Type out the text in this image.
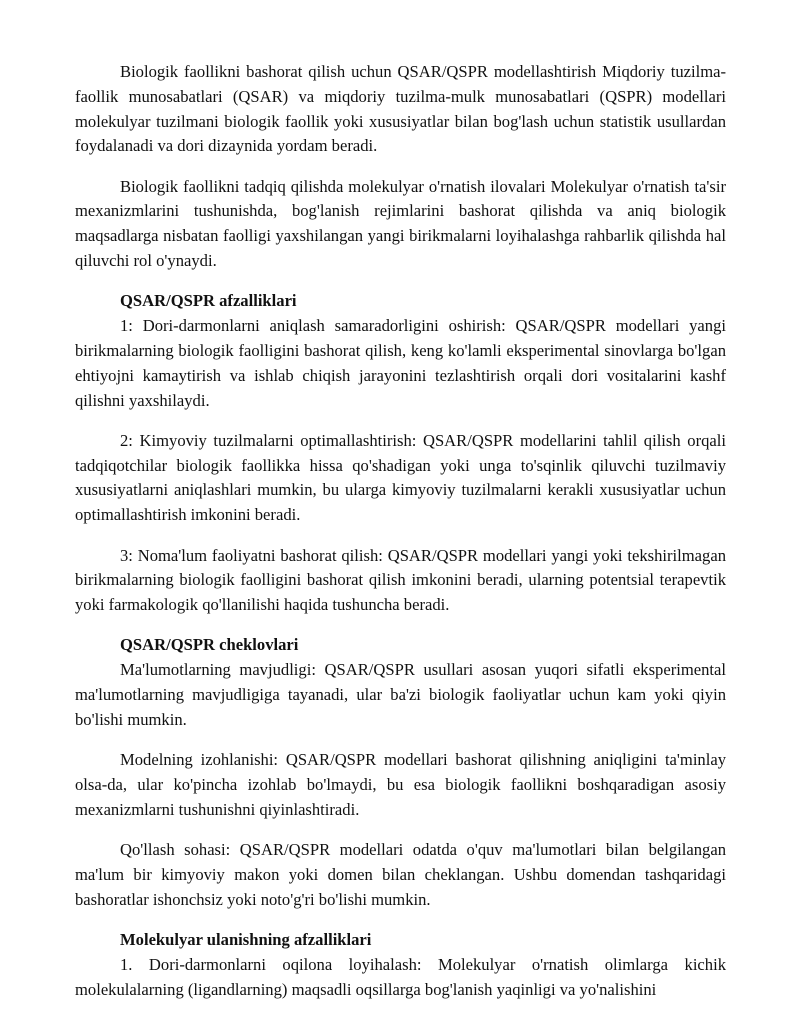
Biologik faollikni bashorat qilish uchun QSAR/QSPR modellashtirish Miqdoriy tuzilma-faollik munosabatlari (QSAR) va miqdoriy tuzilma-mulk munosabatlari (QSPR) modellari molekulyar tuzilmani biologik faollik yoki xususiyatlar bilan bog'lash uchun statistik usullardan foydalanadi va dori dizaynida yordam beradi.

Biologik faollikni tadqiq qilishda molekulyar o'rnatish ilovalari Molekulyar o'rnatish ta'sir mexanizmlarini tushunishda, bog'lanish rejimlarini bashorat qilishda va aniq biologik maqsadlarga nisbatan faolligi yaxshilangan yangi birikmalarni loyihalashga rahbarlik qilishda hal qiluvchi rol o'ynaydi.

QSAR/QSPR afzalliklari

1: Dori-darmonlarni aniqlash samaradorligini oshirish: QSAR/QSPR modellari yangi birikmalarning biologik faolligini bashorat qilish, keng ko'lamli eksperimental sinovlarga bo'lgan ehtiyojni kamaytirish va ishlab chiqish jarayonini tezlashtirish orqali dori vositalarini kashf qilishni yaxshilaydi.

2: Kimyoviy tuzilmalarni optimallashtirish: QSAR/QSPR modellarini tahlil qilish orqali tadqiqotchilar biologik faollikka hissa qo'shadigan yoki unga to'sqinlik qiluvchi tuzilmaviy xususiyatlarni aniqlashlari mumkin, bu ularga kimyoviy tuzilmalarni kerakli xususiyatlar uchun optimallashtirish imkonini beradi.

3: Noma'lum faoliyatni bashorat qilish: QSAR/QSPR modellari yangi yoki tekshirilmagan birikmalarning biologik faolligini bashorat qilish imkonini beradi, ularning potentsial terapevtik yoki farmakologik qo'llanilishi haqida tushuncha beradi.

QSAR/QSPR cheklovlari

Ma'lumotlarning mavjudligi: QSAR/QSPR usullari asosan yuqori sifatli eksperimental ma'lumotlarning mavjudligiga tayanadi, ular ba'zi biologik faoliyatlar uchun kam yoki qiyin bo'lishi mumkin.

Modelning izohlanishi: QSAR/QSPR modellari bashorat qilishning aniqligini ta'minlay olsa-da, ular ko'pincha izohlab bo'lmaydi, bu esa biologik faollikni boshqaradigan asosiy mexanizmlarni tushunishni qiyinlashtiradi.

Qo'llash sohasi: QSAR/QSPR modellari odatda o'quv ma'lumotlari bilan belgilangan ma'lum bir kimyoviy makon yoki domen bilan cheklangan. Ushbu domendan tashqaridagi bashoratlar ishonchsiz yoki noto'g'ri bo'lishi mumkin.

Molekulyar ulanishning afzalliklari

1. Dori-darmonlarni oqilona loyihalash: Molekulyar o'rnatish olimlarga kichik molekulalarning (ligandlarning) maqsadli oqsillarga bog'lanish yaqinligi va yo'nalishini
